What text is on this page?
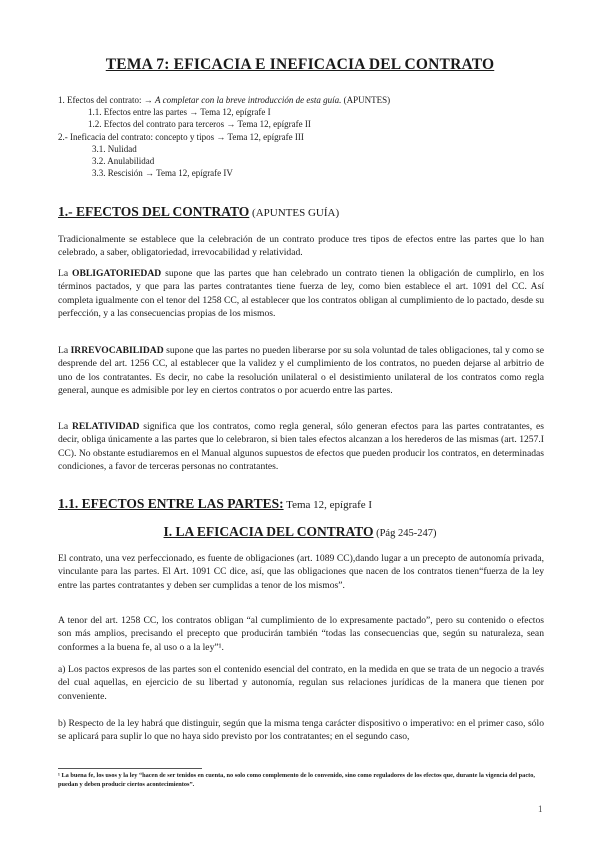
TEMA 7: EFICACIA E INEFICACIA DEL CONTRATO
1. Efectos del contrato: → A completar con la breve introducción de esta guía. (APUNTES)
1.1. Efectos entre las partes → Tema 12, epígrafe I
1.2. Efectos del contrato para terceros → Tema 12, epígrafe II
2.- Ineficacia del contrato: concepto y tipos → Tema 12, epígrafe III
3.1. Nulidad
3.2. Anulabilidad
3.3. Rescisión → Tema 12, epígrafe IV
1.- EFECTOS DEL CONTRATO (APUNTES GUÍA)

Tradicionalmente se establece que la celebración de un contrato produce tres tipos de efectos entre las partes que lo han celebrado, a saber, obligatoriedad, irrevocabilidad y relatividad.

La OBLIGATORIEDAD supone que las partes que han celebrado un contrato tienen la obligación de cumplirlo, en los términos pactados, y que para las partes contratantes tiene fuerza de ley, como bien establece el art. 1091 del CC. Así completa igualmente con el tenor del 1258 CC, al establecer que los contratos obligan al cumplimiento de lo pactado, desde su perfección, y a las consecuencias propias de los mismos.

La IRREVOCABILIDAD supone que las partes no pueden liberarse por su sola voluntad de tales obligaciones, tal y como se desprende del art. 1256 CC, al establecer que la validez y el cumplimiento de los contratos, no pueden dejarse al arbitrio de uno de los contratantes. Es decir, no cabe la resolución unilateral o el desistimiento unilateral de los contratos como regla general, aunque es admisible por ley en ciertos contratos o por acuerdo entre las partes.

La RELATIVIDAD significa que los contratos, como regla general, sólo generan efectos para las partes contratantes, es decir, obliga únicamente a las partes que lo celebraron, si bien tales efectos alcanzan a los herederos de las mismas (art. 1257.I CC). No obstante estudiaremos en el Manual algunos supuestos de efectos que pueden producir los contratos, en determinadas condiciones, a favor de terceras personas no contratantes.

1.1. EFECTOS ENTRE LAS PARTES: Tema 12, epígrafe I
I. LA EFICACIA DEL CONTRATO (Pág 245-247)

El contrato, una vez perfeccionado, es fuente de obligaciones (art. 1089 CC),dando lugar a un precepto de autonomía privada, vinculante para las partes. El Art. 1091 CC dice, así, que las obligaciones que nacen de los contratos tienen“fuerza de la ley entre las partes contratantes y deben ser cumplidas a tenor de los mismos”.

A tenor del art. 1258 CC, los contratos obligan “al cumplimiento de lo expresamente pactado”, pero su contenido o efectos son más amplios, precisando el precepto que producirán también “todas las consecuencias que, según su naturaleza, sean conformes a la buena fe, al uso o a la ley”¹.

a) Los pactos expresos de las partes son el contenido esencial del contrato, en la medida en que se trata de un negocio a través del cual aquellas, en ejercicio de su libertad y autonomía, regulan sus relaciones jurídicas de la manera que tienen por conveniente.

b) Respecto de la ley habrá que distinguir, según que la misma tenga carácter dispositivo o imperativo: en el primer caso, sólo se aplicará para suplir lo que no haya sido previsto por los contratantes; en el segundo caso,

¹ La buena fe, los usos y la ley “hacen de ser tenidos en cuenta, no solo como complemento de lo convenido, sino como reguladores de los efectos que, durante la vigencia del pacto, puedan y deben producir ciertos acontecimientos”.
1
